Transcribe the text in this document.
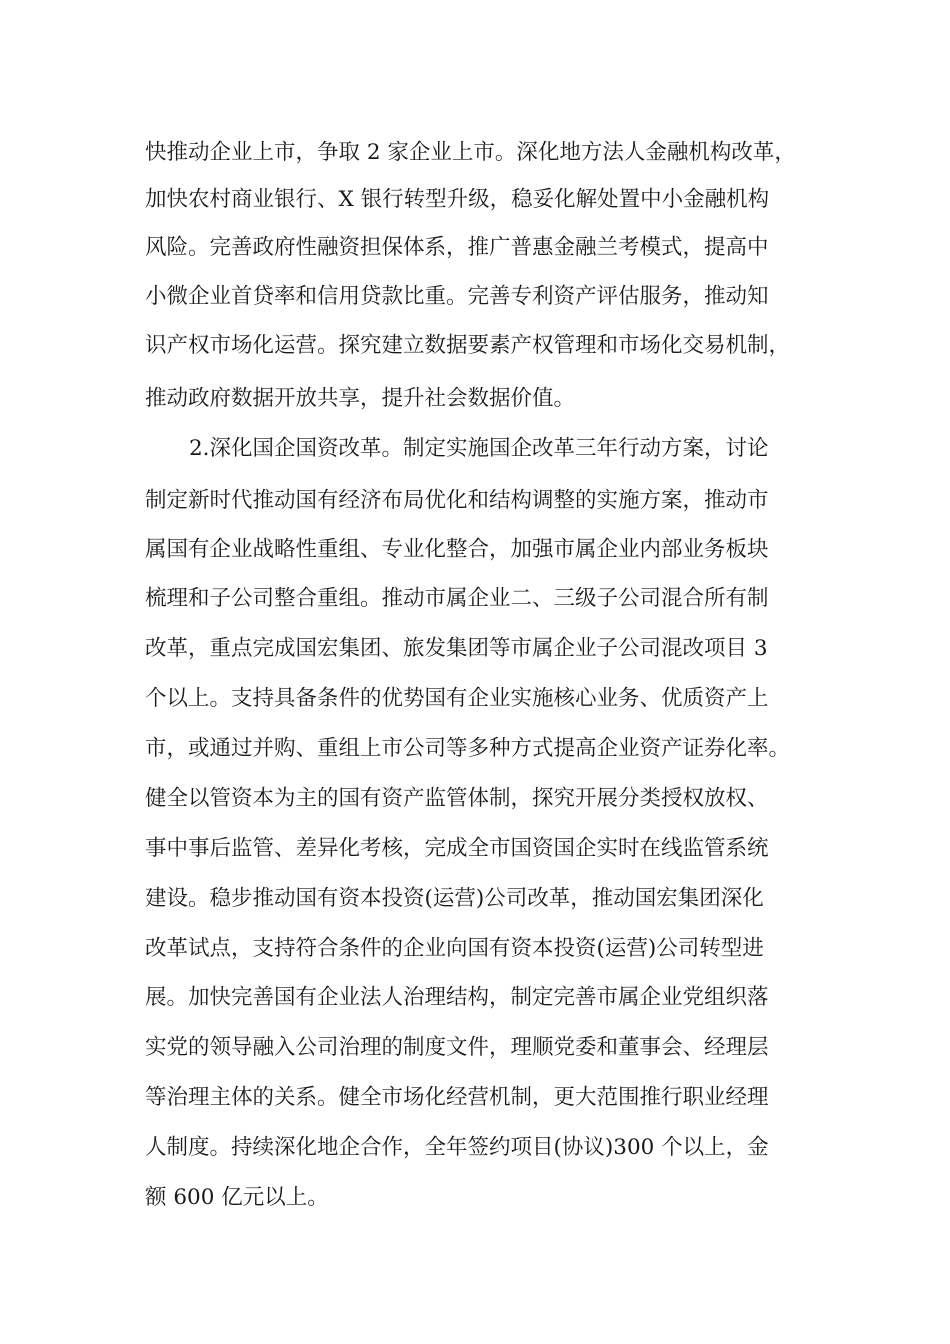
快推动企业上市，争取 2 家企业上市。深化地方法人金融机构改革，
加快农村商业银行、X 银行转型升级，稳妥化解处置中小金融机构
风险。完善政府性融资担保体系，推广普惠金融兰考模式，提高中
小微企业首贷率和信用贷款比重。完善专利资产评估服务，推动知
识产权市场化运营。探究建立数据要素产权管理和市场化交易机制，
推动政府数据开放共享，提升社会数据价值。
2.深化国企国资改革。制定实施国企改革三年行动方案，讨论
制定新时代推动国有经济布局优化和结构调整的实施方案，推动市
属国有企业战略性重组、专业化整合，加强市属企业内部业务板块
梳理和子公司整合重组。推动市属企业二、三级子公司混合所有制
改革，重点完成国宏集团、旅发集团等市属企业子公司混改项目 3
个以上。支持具备条件的优势国有企业实施核心业务、优质资产上
市，或通过并购、重组上市公司等多种方式提高企业资产证券化率。
健全以管资本为主的国有资产监管体制，探究开展分类授权放权、
事中事后监管、差异化考核，完成全市国资国企实时在线监管系统
建设。稳步推动国有资本投资(运营)公司改革，推动国宏集团深化
改革试点，支持符合条件的企业向国有资本投资(运营)公司转型进
展。加快完善国有企业法人治理结构，制定完善市属企业党组织落
实党的领导融入公司治理的制度文件，理顺党委和董事会、经理层
等治理主体的关系。健全市场化经营机制，更大范围推行职业经理
人制度。持续深化地企合作，全年签约项目(协议)300 个以上，金
额 600 亿元以上。
